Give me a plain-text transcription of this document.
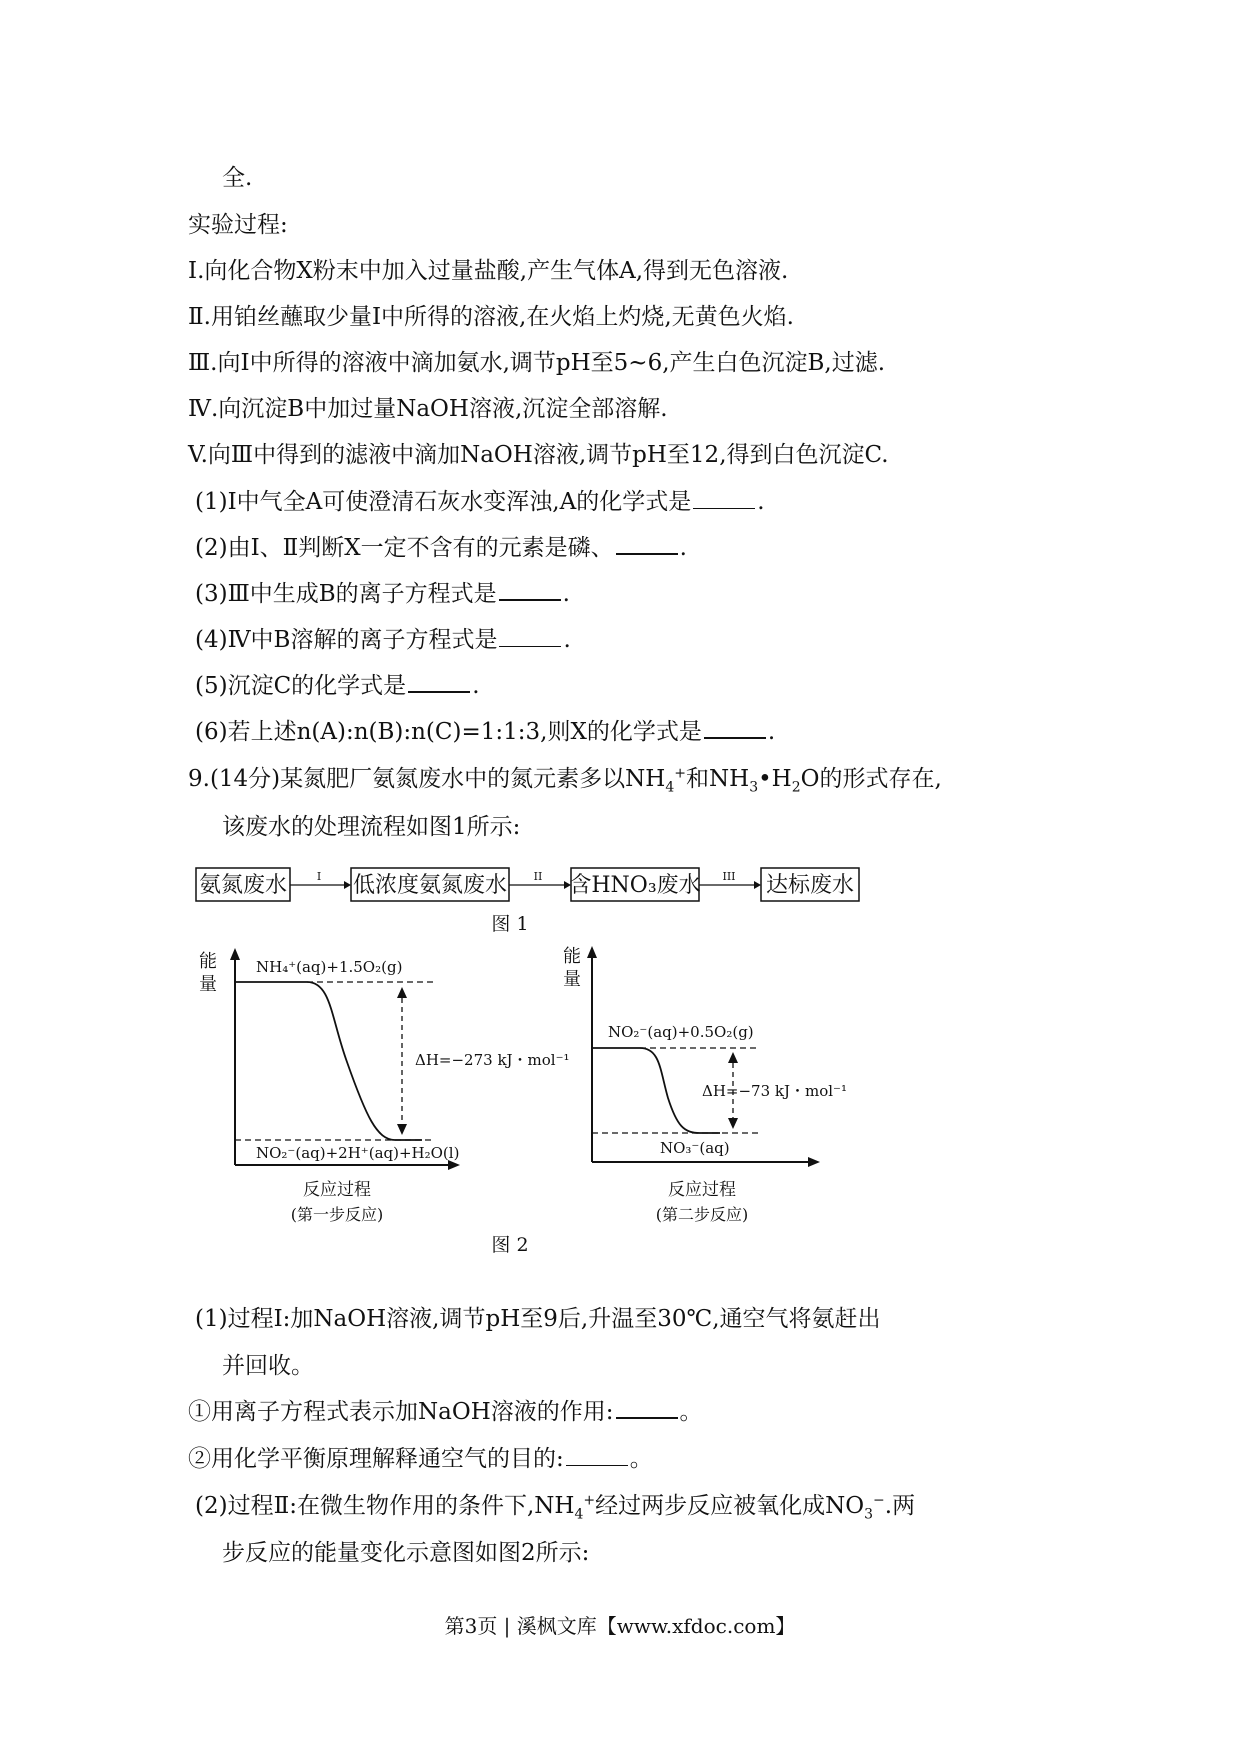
全.
实验过程:
I.向化合物X粉末中加入过量盐酸,产生气体A,得到无色溶液.
Ⅱ.用铂丝蘸取少量I中所得的溶液,在火焰上灼烧,无黄色火焰.
Ⅲ.向I中所得的溶液中滴加氨水,调节pH至5~6,产生白色沉淀B,过滤.
Ⅳ.向沉淀B中加过量NaOH溶液,沉淀全部溶解.
V.向Ⅲ中得到的滤液中滴加NaOH溶液,调节pH至12,得到白色沉淀C.
(1)I中气全A可使澄清石灰水变浑浊,A的化学式是	.
(2)由I、Ⅱ判断X一定不含有的元素是磷、	.
(3)Ⅲ中生成B的离子方程式是	.
(4)Ⅳ中B溶解的离子方程式是	.
(5)沉淀C的化学式是	.
(6)若上述n(A):n(B):n(C)=1:1:3,则X的化学式是	.
9.(14分)某氮肥厂氨氮废水中的氮元素多以$NH_4^+$和$NH_3•H_2O$的形式存在,
该废水的处理流程如图1所示:
氨氮废水	I 低浓度氨氮废水 II 含HNO₃废水 III 达标废水
图 1
能
量
NH₄⁺(aq)+1.5O₂(g)
NO₂⁻(aq)+2H⁺(aq)+H₂O(l)
ΔH=−273 kJ・mol⁻¹
反应过程
(第一步反应)
能
量
NO₂⁻(aq)+0.5O₂(g)
NO₃⁻(aq)
ΔH=−73 kJ・mol⁻¹
反应过程
(第二步反应)
图 2
(1)过程Ⅰ:加NaOH溶液,调节pH至9后,升温至30℃,通空气将氨赶出
并回收。
①用离子方程式表示加NaOH溶液的作用:	。
②用化学平衡原理解释通空气的目的:	。
(2)过程Ⅱ:在微生物作用的条件下$,NH_4^+$经过两步反应被氧化成$NO_3^-$.两
步反应的能量变化示意图如图2所示:
第3页 | 溪枫文库【www.xfdoc.com】
